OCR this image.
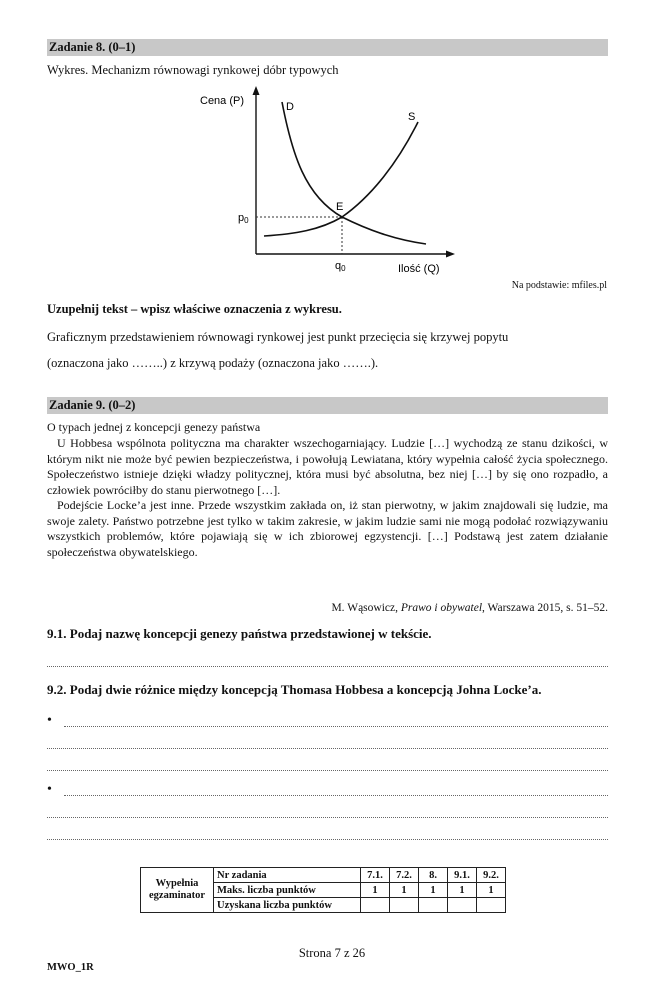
Zadanie 8. (0–1)
Wykres. Mechanizm równowagi rynkowej dóbr typowych
Cena (P)
Ilość (Q)
D
S
E
p0
q0
Na podstawie: mfiles.pl
Uzupełnij tekst – wpisz właściwe oznaczenia z wykresu.
Graficznym przedstawieniem równowagi rynkowej jest punkt przecięcia się krzywej popytu
(oznaczona jako ……..) z krzywą podaży (oznaczona jako …….).
Zadanie 9. (0–2)
O typach jednej z koncepcji genezy państwa

U Hobbesa wspólnota polityczna ma charakter wszechogarniający. Ludzie […] wychodzą ze stanu dzikości, w którym nikt nie może być pewien bezpieczeństwa, i powołują Lewiatana, który wypełnia całość życia społecznego. Społeczeństwo istnieje dzięki władzy politycznej, która musi być absolutna, bez niej […] by się ono rozpadło, a człowiek powróciłby do stanu pierwotnego […].

Podejście Locke’a jest inne. Przede wszystkim zakłada on, iż stan pierwotny, w jakim znajdowali się ludzie, ma swoje zalety. Państwo potrzebne jest tylko w takim zakresie, w jakim ludzie sami nie mogą podołać rozwiązywaniu wszystkich problemów, które pojawiają się w ich zbiorowej egzystencji. […] Podstawą jest zatem działanie społeczeństwa obywatelskiego.

M. Wąsowicz, Prawo i obywatel, Warszawa 2015, s. 51–52.
9.1. Podaj nazwę koncepcji genezy państwa przedstawionej w tekście.
9.2. Podaj dwie różnice między koncepcją Thomasa Hobbesa a koncepcją Johna Locke’a.
•
•
Wypełnia
egzaminator	Nr zadania	7.1.	7.2.	8.	9.1.	9.2.
	Maks. liczba punktów	1	1	1	1	1
	Uzyskana liczba punktów					
Strona 7 z 26
MWO_1R
